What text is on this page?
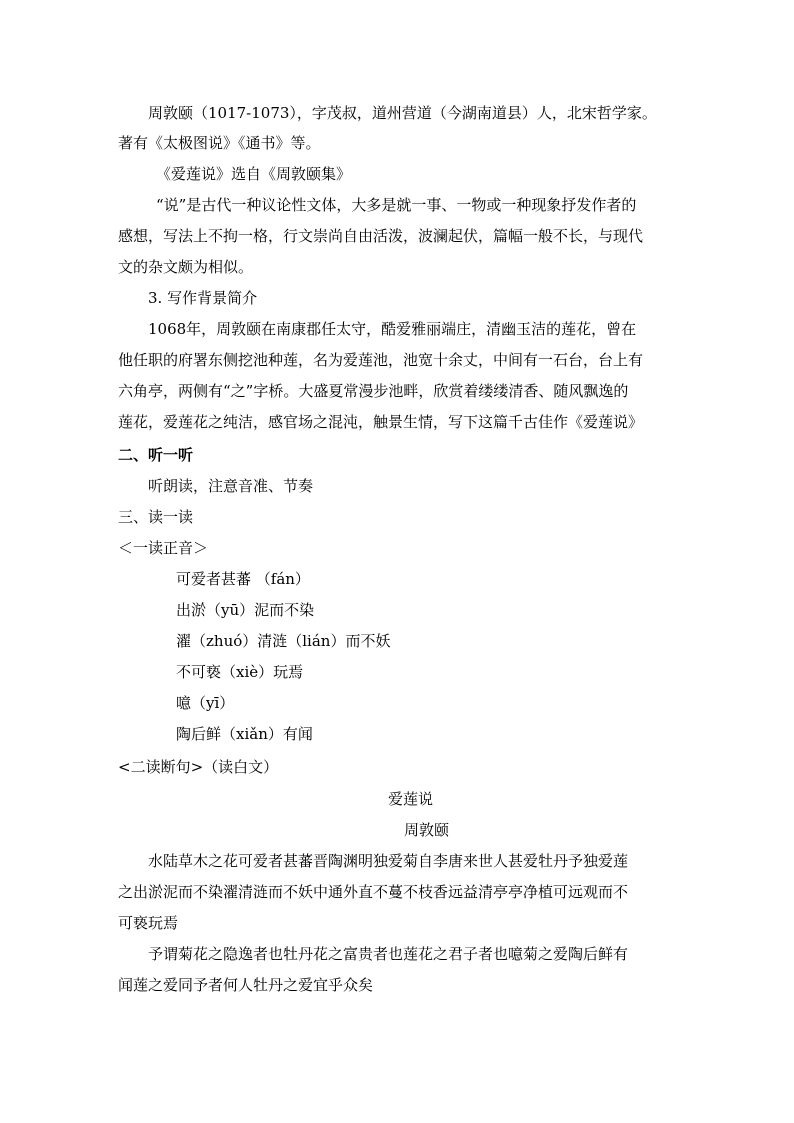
周敦颐（1017-1073），字茂叔，道州营道（今湖南道县）人，北宋哲学家。
著有《太极图说》《通书》等。
《爱莲说》选自《周敦颐集》
“说”是古代一种议论性文体，大多是就一事、一物或一种现象抒发作者的
感想，写法上不拘一格，行文崇尚自由活泼，波澜起伏，篇幅一般不长，与现代
文的杂文颇为相似。
3. 写作背景简介
1068年，周敦颐在南康郡任太守，酷爱雅丽端庄，清幽玉洁的莲花，曾在
他任职的府署东侧挖池种莲，名为爱莲池，池宽十余丈，中间有一石台，台上有
六角亭，两侧有“之”字桥。大盛夏常漫步池畔，欣赏着缕缕清香、随风飘逸的
莲花，爱莲花之纯洁，感官场之混沌，触景生情，写下这篇千古佳作《爱莲说》
二、听一听
听朗读，注意音准、节奏
三、读一读
＜一读正音＞
可爱者甚蕃 （fán）
出淤（yū）泥而不染
濯（zhuó）清涟（lián）而不妖
不可亵（xiè）玩焉
噫（yī）
陶后鲜（xiǎn）有闻
<二读断句>（读白文）
爱莲说
周敦颐
水陆草木之花可爱者甚蕃晋陶渊明独爱菊自李唐来世人甚爱牡丹予独爱莲
之出淤泥而不染濯清涟而不妖中通外直不蔓不枝香远益清亭亭净植可远观而不
可亵玩焉
予谓菊花之隐逸者也牡丹花之富贵者也莲花之君子者也噫菊之爱陶后鲜有
闻莲之爱同予者何人牡丹之爱宜乎众矣
